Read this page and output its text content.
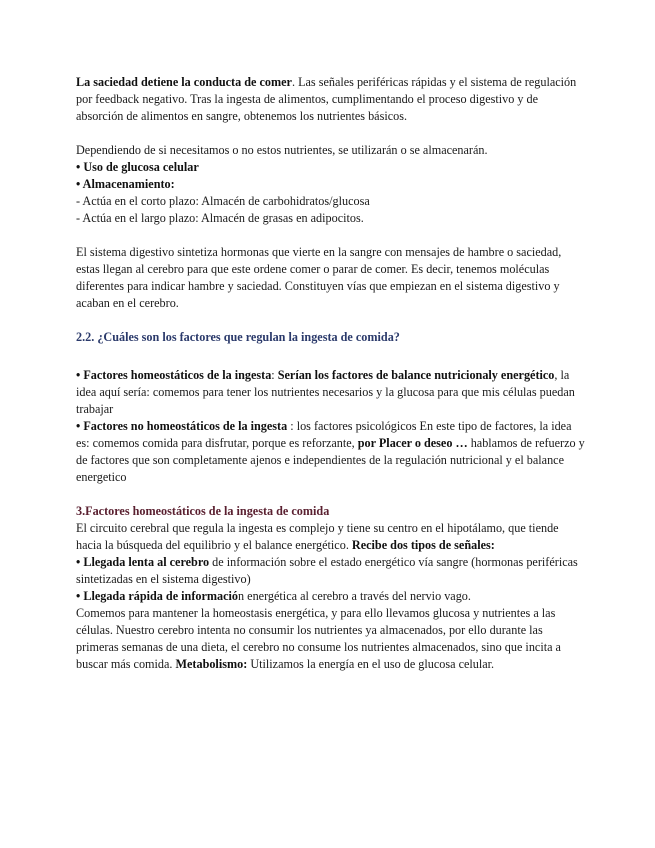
La saciedad detiene la conducta de comer. Las señales periféricas rápidas y el sistema de regulación por feedback negativo. Tras la ingesta de alimentos, cumplimentando el proceso digestivo y de absorción de alimentos en sangre, obtenemos los nutrientes básicos.

Dependiendo de si necesitamos o no estos nutrientes, se utilizarán o se almacenarán.

• Uso de glucosa celular

• Almacenamiento:

- Actúa en el corto plazo: Almacén de carbohidratos/glucosa

- Actúa en el largo plazo: Almacén de grasas en adipocitos.

El sistema digestivo sintetiza hormonas que vierte en la sangre con mensajes de hambre o saciedad, estas llegan al cerebro para que este ordene comer o parar de comer. Es decir, tenemos moléculas diferentes para indicar hambre y saciedad. Constituyen vías que empiezan en el sistema digestivo y acaban en el cerebro.

2.2. ¿Cuáles son los factores que regulan la ingesta de comida?

• Factores homeostáticos de la ingesta: Serían los factores de balance nutricionaly energético, la idea aquí sería: comemos para tener los nutrientes necesarios y la glucosa para que mis células puedan trabajar

• Factores no homeostáticos de la ingesta : los factores psicológicos En este tipo de factores, la idea es: comemos comida para disfrutar, porque es reforzante, por Placer o deseo … hablamos de refuerzo y de factores que son completamente ajenos e independientes de la regulación nutricional y el balance

energetico

3.Factores homeostáticos de la ingesta de comida

El circuito cerebral que regula la ingesta es complejo y tiene su centro en el hipotálamo, que tiende hacia la búsqueda del equilibrio y el balance energético. Recibe dos tipos de señales:

• Llegada lenta al cerebro de información sobre el estado energético vía sangre (hormonas periféricas sintetizadas en el sistema digestivo)

• Llegada rápida de información energética al cerebro a través del nervio vago.

Comemos para mantener la homeostasis energética, y para ello llevamos glucosa y nutrientes a las células. Nuestro cerebro intenta no consumir los nutrientes ya almacenados, por ello durante las primeras semanas de una dieta, el cerebro no consume los nutrientes almacenados, sino que incita a buscar más comida. Metabolismo: Utilizamos la energía en el uso de glucosa celular.
